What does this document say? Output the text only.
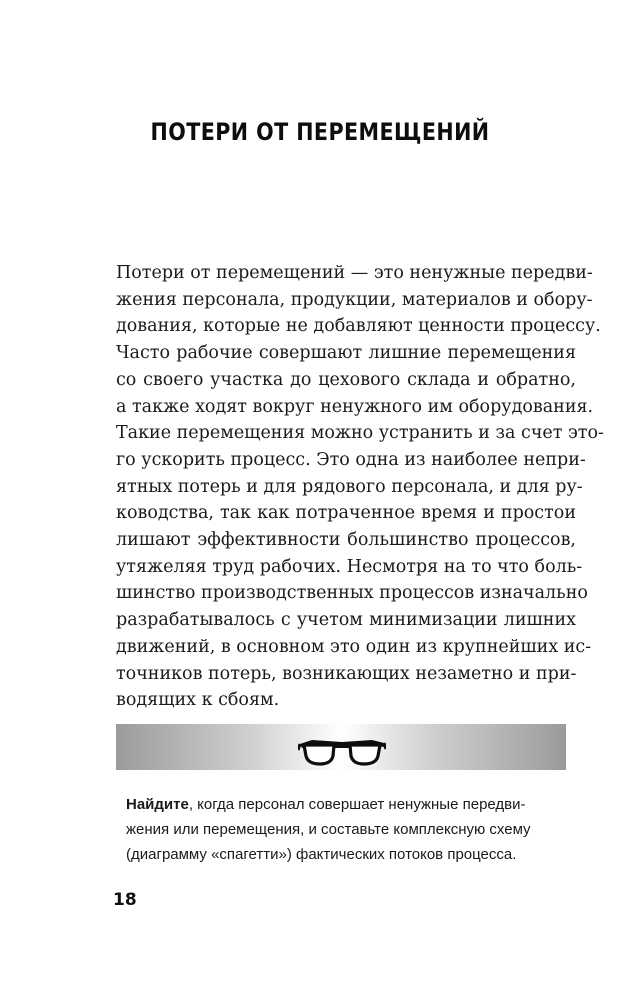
ПОТЕРИ ОТ ПЕРЕМЕЩЕНИЙ
Потери от перемещений — это ненужные передви-
жения персонала, продукции, материалов и обору-
дования, которые не добавляют ценности процессу.
Часто рабочие совершают лишние перемещения
со своего участка до цехового склада и обратно,
а также ходят вокруг ненужного им оборудования.
Такие перемещения можно устранить и за счет это-
го ускорить процесс. Это одна из наиболее непри-
ятных потерь и для рядового персонала, и для ру-
ководства, так как потраченное время и простои
лишают эффективности большинство процессов,
утяжеляя труд рабочих. Несмотря на то что боль-
шинство производственных процессов изначально
разрабатывалось с учетом минимизации лишних
движений, в основном это один из крупнейших ис-
точников потерь, возникающих незаметно и при-
водящих к сбоям.
Найдите, когда персонал совершает ненужные передви-
жения или перемещения, и составьте комплексную схему
(диаграмму «спагетти») фактических потоков процесса.
18
